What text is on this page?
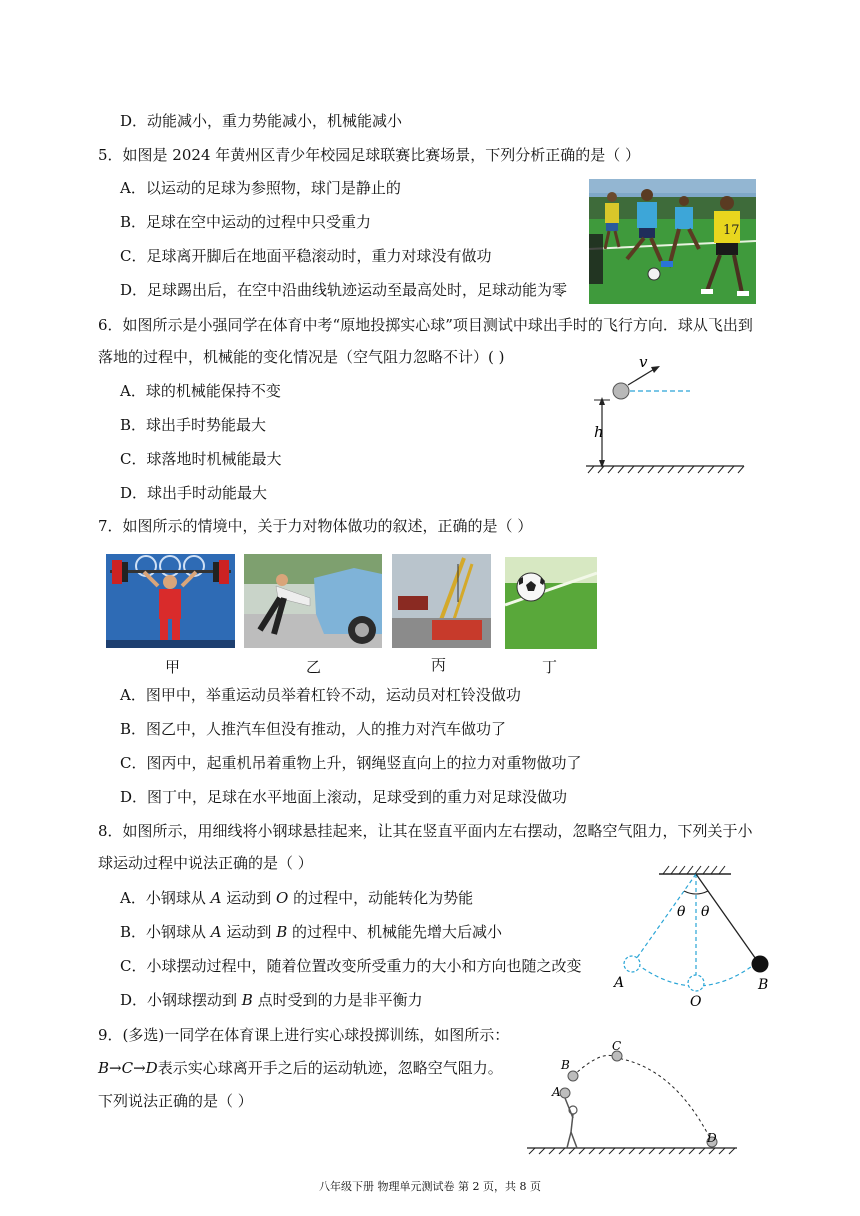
D．动能减小，重力势能减小，机械能减小
5．如图是 2024 年黄州区青少年校园足球联赛比赛场景，下列分析正确的是（ ）
A．以运动的足球为参照物，球门是静止的
B．足球在空中运动的过程中只受重力
C．足球离开脚后在地面平稳滚动时，重力对球没有做功
D．足球踢出后，在空中沿曲线轨迹运动至最高处时，足球动能为零
17
6．如图所示是小强同学在体育中考“原地投掷实心球”项目测试中球出手时的飞行方向．球从飞出到
落地的过程中，机械能的变化情况是（空气阻力忽略不计）( )
A．球的机械能保持不变
B．球出手时势能最大
C．球落地时机械能最大
D．球出手时动能最大
v
h
7．如图所示的情境中，关于力对物体做功的叙述，正确的是（ ）
甲	乙	丙	丁
A．图甲中，举重运动员举着杠铃不动，运动员对杠铃没做功
B．图乙中，人推汽车但没有推动，人的推力对汽车做功了
C．图丙中，起重机吊着重物上升，钢绳竖直向上的拉力对重物做功了
D．图丁中，足球在水平地面上滚动，足球受到的重力对足球没做功
8．如图所示，用细线将小钢球悬挂起来，让其在竖直平面内左右摆动，忽略空气阻力，下列关于小
球运动过程中说法正确的是（ ）
A．小钢球从 A 运动到 O 的过程中，动能转化为势能
B．小钢球从 A 运动到 B 的过程中、机械能先增大后减小
C．小球摆动过程中，随着位置改变所受重力的大小和方向也随之改变
D．小钢球摆动到 B 点时受到的力是非平衡力
θ θ
A
O
B
9．(多选)一同学在体育课上进行实心球投掷训练，如图所示：
B→C→D表示实心球离开手之后的运动轨迹，忽略空气阻力。
下列说法正确的是（ ）	A
B
C
D
八年级下册 物理单元测试卷 第 2 页，共 8 页
